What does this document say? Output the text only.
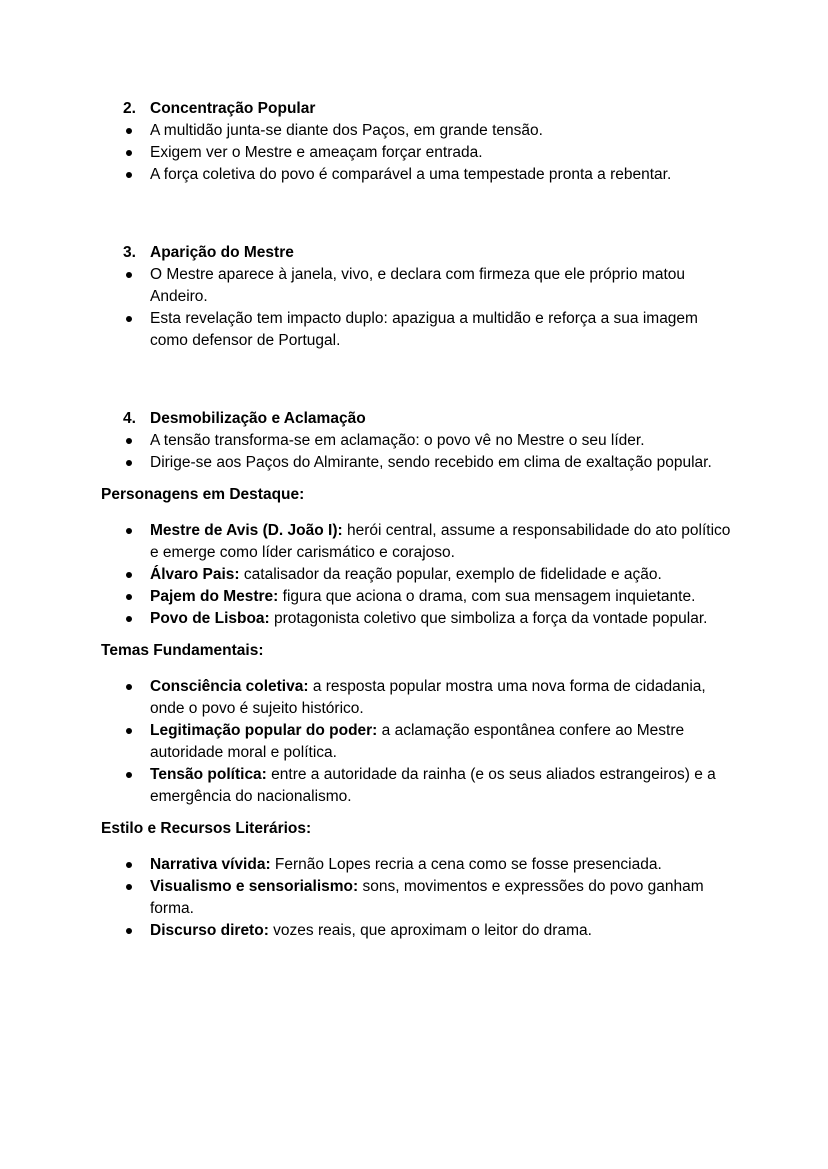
2. Concentração Popular
A multidão junta-se diante dos Paços, em grande tensão.
Exigem ver o Mestre e ameaçam forçar entrada.
A força coletiva do povo é comparável a uma tempestade pronta a rebentar.
3. Aparição do Mestre
O Mestre aparece à janela, vivo, e declara com firmeza que ele próprio matou Andeiro.
Esta revelação tem impacto duplo: apazigua a multidão e reforça a sua imagem como defensor de Portugal.
4. Desmobilização e Aclamação
A tensão transforma-se em aclamação: o povo vê no Mestre o seu líder.
Dirige-se aos Paços do Almirante, sendo recebido em clima de exaltação popular.
Personagens em Destaque:
Mestre de Avis (D. João I): herói central, assume a responsabilidade do ato político e emerge como líder carismático e corajoso.
Álvaro Pais: catalisador da reação popular, exemplo de fidelidade e ação.
Pajem do Mestre: figura que aciona o drama, com sua mensagem inquietante.
Povo de Lisboa: protagonista coletivo que simboliza a força da vontade popular.
Temas Fundamentais:
Consciência coletiva: a resposta popular mostra uma nova forma de cidadania, onde o povo é sujeito histórico.
Legitimação popular do poder: a aclamação espontânea confere ao Mestre autoridade moral e política.
Tensão política: entre a autoridade da rainha (e os seus aliados estrangeiros) e a emergência do nacionalismo.
Estilo e Recursos Literários:
Narrativa vívida: Fernão Lopes recria a cena como se fosse presenciada.
Visualismo e sensorialismo: sons, movimentos e expressões do povo ganham forma.
Discurso direto: vozes reais, que aproximam o leitor do drama.
